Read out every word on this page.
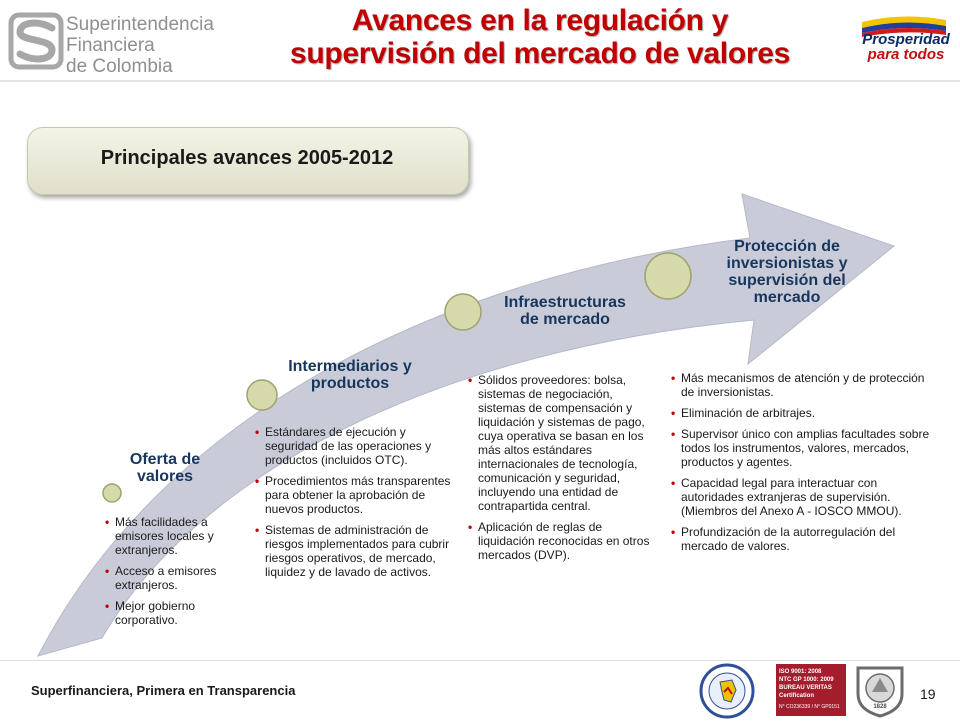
Superintendencia
Financiera
de Colombia
Avances en la regulación y
supervisión del mercado de valores	Prosperidad
para todos
Principales avances 2005-2012
Oferta de
valores
Intermediarios y
productos
Infraestructuras
de mercado
Protección de
inversionistas y
supervisión del
mercado
• Más facilidades a emisores locales y extranjeros.
• Acceso a emisores extranjeros.
• Mejor gobierno corporativo.
• Estándares de ejecución y seguridad de las operaciones y productos (incluidos OTC).
• Procedimientos más transparentes para obtener la aprobación de nuevos productos.
• Sistemas de administración de riesgos implementados para cubrir riesgos operativos, de mercado, liquidez y de lavado de activos.
• Sólidos proveedores: bolsa, sistemas de negociación, sistemas de compensación y liquidación y sistemas de pago, cuya operativa se basan en los más altos estándares internacionales de tecnología, comunicación y seguridad, incluyendo una entidad de contrapartida central.
• Aplicación de reglas de liquidación reconocidas en otros mercados (DVP).
• Más mecanismos de atención y de protección de inversionistas.
• Eliminación de arbitrajes.
• Supervisor único con amplias facultades sobre todos los instrumentos, valores, mercados, productos y agentes.
• Capacidad legal para interactuar con autoridades extranjeras de supervisión. (Miembros del Anexo A - IOSCO MMOU).
• Profundización de la autorregulación del mercado de valores.
Superfinanciera, Primera en Transparencia
ISO 9001: 2008
NTC GP 1000: 2009
BUREAU VERITAS
Certification
N° CO236339 / N° GP0151	1828
19
